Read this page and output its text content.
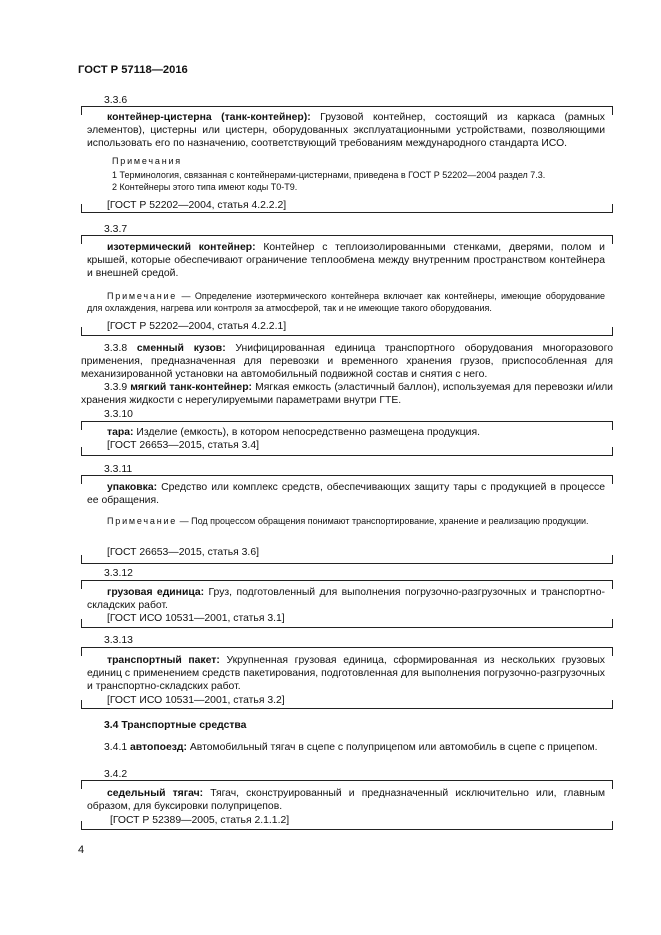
ГОСТ Р 57118—2016
3.3.6
контейнер-цистерна (танк-контейнер): Грузовой контейнер, состоящий из каркаса (рамных элементов), цистерны или цистерн, оборудованных эксплуатационными устройствами, позволяющими использовать его по назначению, соответствующий требованиям международного стандарта ИСО.
Примечания
1 Терминология, связанная с контейнерами-цистернами, приведена в ГОСТ Р 52202—2004 раздел 7.3.
2 Контейнеры этого типа имеют коды T0-T9.
[ГОСТ Р 52202—2004, статья 4.2.2.2]
3.3.7
изотермический контейнер: Контейнер с теплоизолированными стенками, дверями, полом и крышей, которые обеспечивают ограничение теплообмена между внутренним пространством контейнера и внешней средой.
Примечание — Определение изотермического контейнера включает как контейнеры, имеющие оборудование для охлаждения, нагрева или контроля за атмосферой, так и не имеющие такого оборудования.
[ГОСТ Р 52202—2004, статья 4.2.2.1]
3.3.8 сменный кузов: Унифицированная единица транспортного оборудования многоразового применения, предназначенная для перевозки и временного хранения грузов, приспособленная для механизированной установки на автомобильный подвижной состав и снятия с него.
3.3.9 мягкий танк-контейнер: Мягкая емкость (эластичный баллон), используемая для перевозки и/или хранения жидкости с нерегулируемыми параметрами внутри ГТЕ.
3.3.10
тара: Изделие (емкость), в котором непосредственно размещена продукция.
[ГОСТ 26653—2015, статья 3.4]
3.3.11
упаковка: Средство или комплекс средств, обеспечивающих защиту тары с продукцией в процессе ее обращения.
Примечание — Под процессом обращения понимают транспортирование, хранение и реализацию продукции.
[ГОСТ 26653—2015, статья 3.6]
3.3.12
грузовая единица: Груз, подготовленный для выполнения погрузочно-разгрузочных и транспортно-складских работ.
[ГОСТ ИСО 10531—2001, статья 3.1]
3.3.13
транспортный пакет: Укрупненная грузовая единица, сформированная из нескольких грузовых единиц с применением средств пакетирования, подготовленная для выполнения погрузочно-разгрузочных и транспортно-складских работ.
[ГОСТ ИСО 10531—2001, статья 3.2]
3.4 Транспортные средства
3.4.1 автопоезд: Автомобильный тягач в сцепе с полуприцепом или автомобиль в сцепе с прицепом.
3.4.2
седельный тягач: Тягач, сконструированный и предназначенный исключительно или, главным образом, для буксировки полуприцепов.
[ГОСТ Р 52389—2005, статья 2.1.1.2]
4
